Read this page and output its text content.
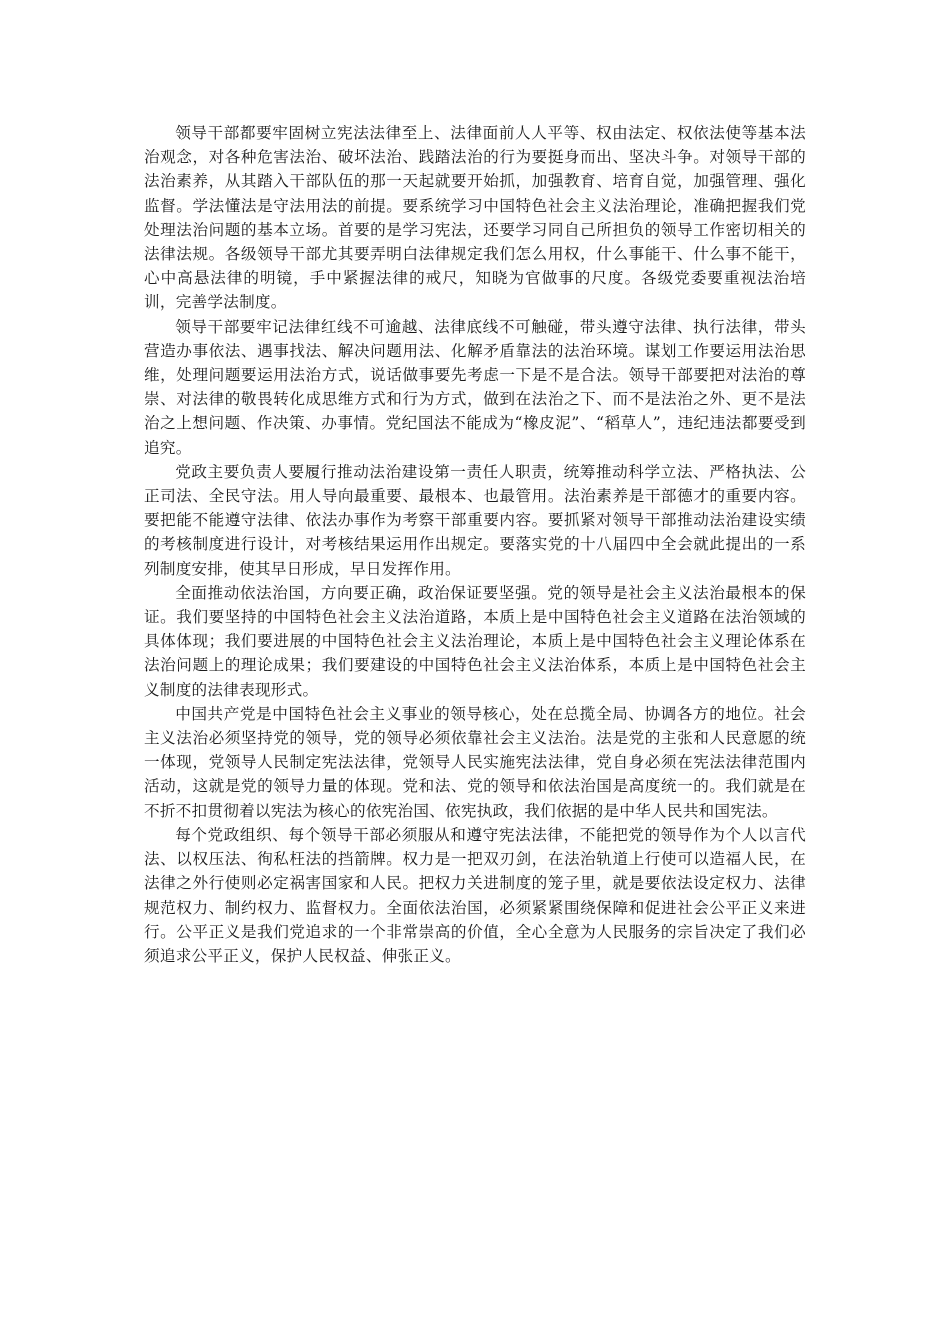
领导干部都要牢固树立宪法法律至上、法律面前人人平等、权由法定、权依法使等基本法治观念，对各种危害法治、破坏法治、践踏法治的行为要挺身而出、坚决斗争。对领导干部的法治素养，从其踏入干部队伍的那一天起就要开始抓，加强教育、培育自觉，加强管理、强化监督。学法懂法是守法用法的前提。要系统学习中国特色社会主义法治理论，准确把握我们党处理法治问题的基本立场。首要的是学习宪法，还要学习同自己所担负的领导工作密切相关的法律法规。各级领导干部尤其要弄明白法律规定我们怎么用权，什么事能干、什么事不能干，心中高悬法律的明镜，手中紧握法律的戒尺，知晓为官做事的尺度。各级党委要重视法治培训，完善学法制度。

领导干部要牢记法律红线不可逾越、法律底线不可触碰，带头遵守法律、执行法律，带头营造办事依法、遇事找法、解决问题用法、化解矛盾靠法的法治环境。谋划工作要运用法治思维，处理问题要运用法治方式，说话做事要先考虑一下是不是合法。领导干部要把对法治的尊崇、对法律的敬畏转化成思维方式和行为方式，做到在法治之下、而不是法治之外、更不是法治之上想问题、作决策、办事情。党纪国法不能成为“橡皮泥”、“稻草人”，违纪违法都要受到追究。

党政主要负责人要履行推动法治建设第一责任人职责，统筹推动科学立法、严格执法、公正司法、全民守法。用人导向最重要、最根本、也最管用。法治素养是干部德才的重要内容。要把能不能遵守法律、依法办事作为考察干部重要内容。要抓紧对领导干部推动法治建设实绩的考核制度进行设计，对考核结果运用作出规定。要落实党的十八届四中全会就此提出的一系列制度安排，使其早日形成，早日发挥作用。

全面推动依法治国，方向要正确，政治保证要坚强。党的领导是社会主义法治最根本的保证。我们要坚持的中国特色社会主义法治道路，本质上是中国特色社会主义道路在法治领域的具体体现；我们要进展的中国特色社会主义法治理论，本质上是中国特色社会主义理论体系在法治问题上的理论成果；我们要建设的中国特色社会主义法治体系，本质上是中国特色社会主义制度的法律表现形式。

中国共产党是中国特色社会主义事业的领导核心，处在总揽全局、协调各方的地位。社会主义法治必须坚持党的领导，党的领导必须依靠社会主义法治。法是党的主张和人民意愿的统一体现，党领导人民制定宪法法律，党领导人民实施宪法法律，党自身必须在宪法法律范围内活动，这就是党的领导力量的体现。党和法、党的领导和依法治国是高度统一的。我们就是在不折不扣贯彻着以宪法为核心的依宪治国、依宪执政，我们依据的是中华人民共和国宪法。

每个党政组织、每个领导干部必须服从和遵守宪法法律，不能把党的领导作为个人以言代法、以权压法、徇私枉法的挡箭牌。权力是一把双刃剑，在法治轨道上行使可以造福人民，在法律之外行使则必定祸害国家和人民。把权力关进制度的笼子里，就是要依法设定权力、法律规范权力、制约权力、监督权力。全面依法治国，必须紧紧围绕保障和促进社会公平正义来进行。公平正义是我们党追求的一个非常崇高的价值，全心全意为人民服务的宗旨决定了我们必须追求公平正义，保护人民权益、伸张正义。
